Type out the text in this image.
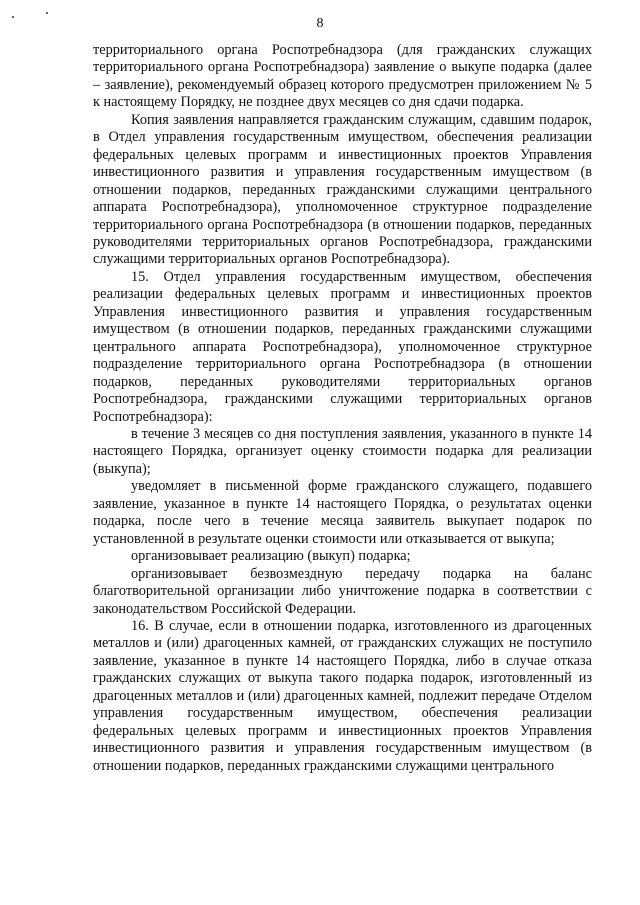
8

территориального органа Роспотребнадзора (для гражданских служащих территориального органа Роспотребнадзора) заявление о выкупе подарка (далее – заявление), рекомендуемый образец которого предусмотрен приложением № 5 к настоящему Порядку, не позднее двух месяцев со дня сдачи подарка.

Копия заявления направляется гражданским служащим, сдавшим подарок, в Отдел управления государственным имуществом, обеспечения реализации федеральных целевых программ и инвестиционных проектов Управления инвестиционного развития и управления государственным имуществом (в отношении подарков, переданных гражданскими служащими центрального аппарата Роспотребнадзора), уполномоченное структурное подразделение территориального органа Роспотребнадзора (в отношении подарков, переданных руководителями территориальных органов Роспотребнадзора, гражданскими служащими территориальных органов Роспотребнадзора).

15. Отдел управления государственным имуществом, обеспечения реализации федеральных целевых программ и инвестиционных проектов Управления инвестиционного развития и управления государственным имуществом (в отношении подарков, переданных гражданскими служащими центрального аппарата Роспотребнадзора), уполномоченное структурное подразделение территориального органа Роспотребнадзора (в отношении подарков, переданных руководителями территориальных органов Роспотребнадзора, гражданскими служащими территориальных органов Роспотребнадзора):

в течение 3 месяцев со дня поступления заявления, указанного в пункте 14 настоящего Порядка, организует оценку стоимости подарка для реализации (выкупа);

уведомляет в письменной форме гражданского служащего, подавшего заявление, указанное в пункте 14 настоящего Порядка, о результатах оценки подарка, после чего в течение месяца заявитель выкупает подарок по установленной в результате оценки стоимости или отказывается от выкупа;

организовывает реализацию (выкуп) подарка;

организовывает безвозмездную передачу подарка на баланс благотворительной организации либо уничтожение подарка в соответствии с законодательством Российской Федерации.

16. В случае, если в отношении подарка, изготовленного из драгоценных металлов и (или) драгоценных камней, от гражданских служащих не поступило заявление, указанное в пункте 14 настоящего Порядка, либо в случае отказа гражданских служащих от выкупа такого подарка подарок, изготовленный из драгоценных металлов и (или) драгоценных камней, подлежит передаче Отделом управления государственным имуществом, обеспечения реализации федеральных целевых программ и инвестиционных проектов Управления инвестиционного развития и управления государственным имуществом (в отношении подарков, переданных гражданскими служащими центрального
